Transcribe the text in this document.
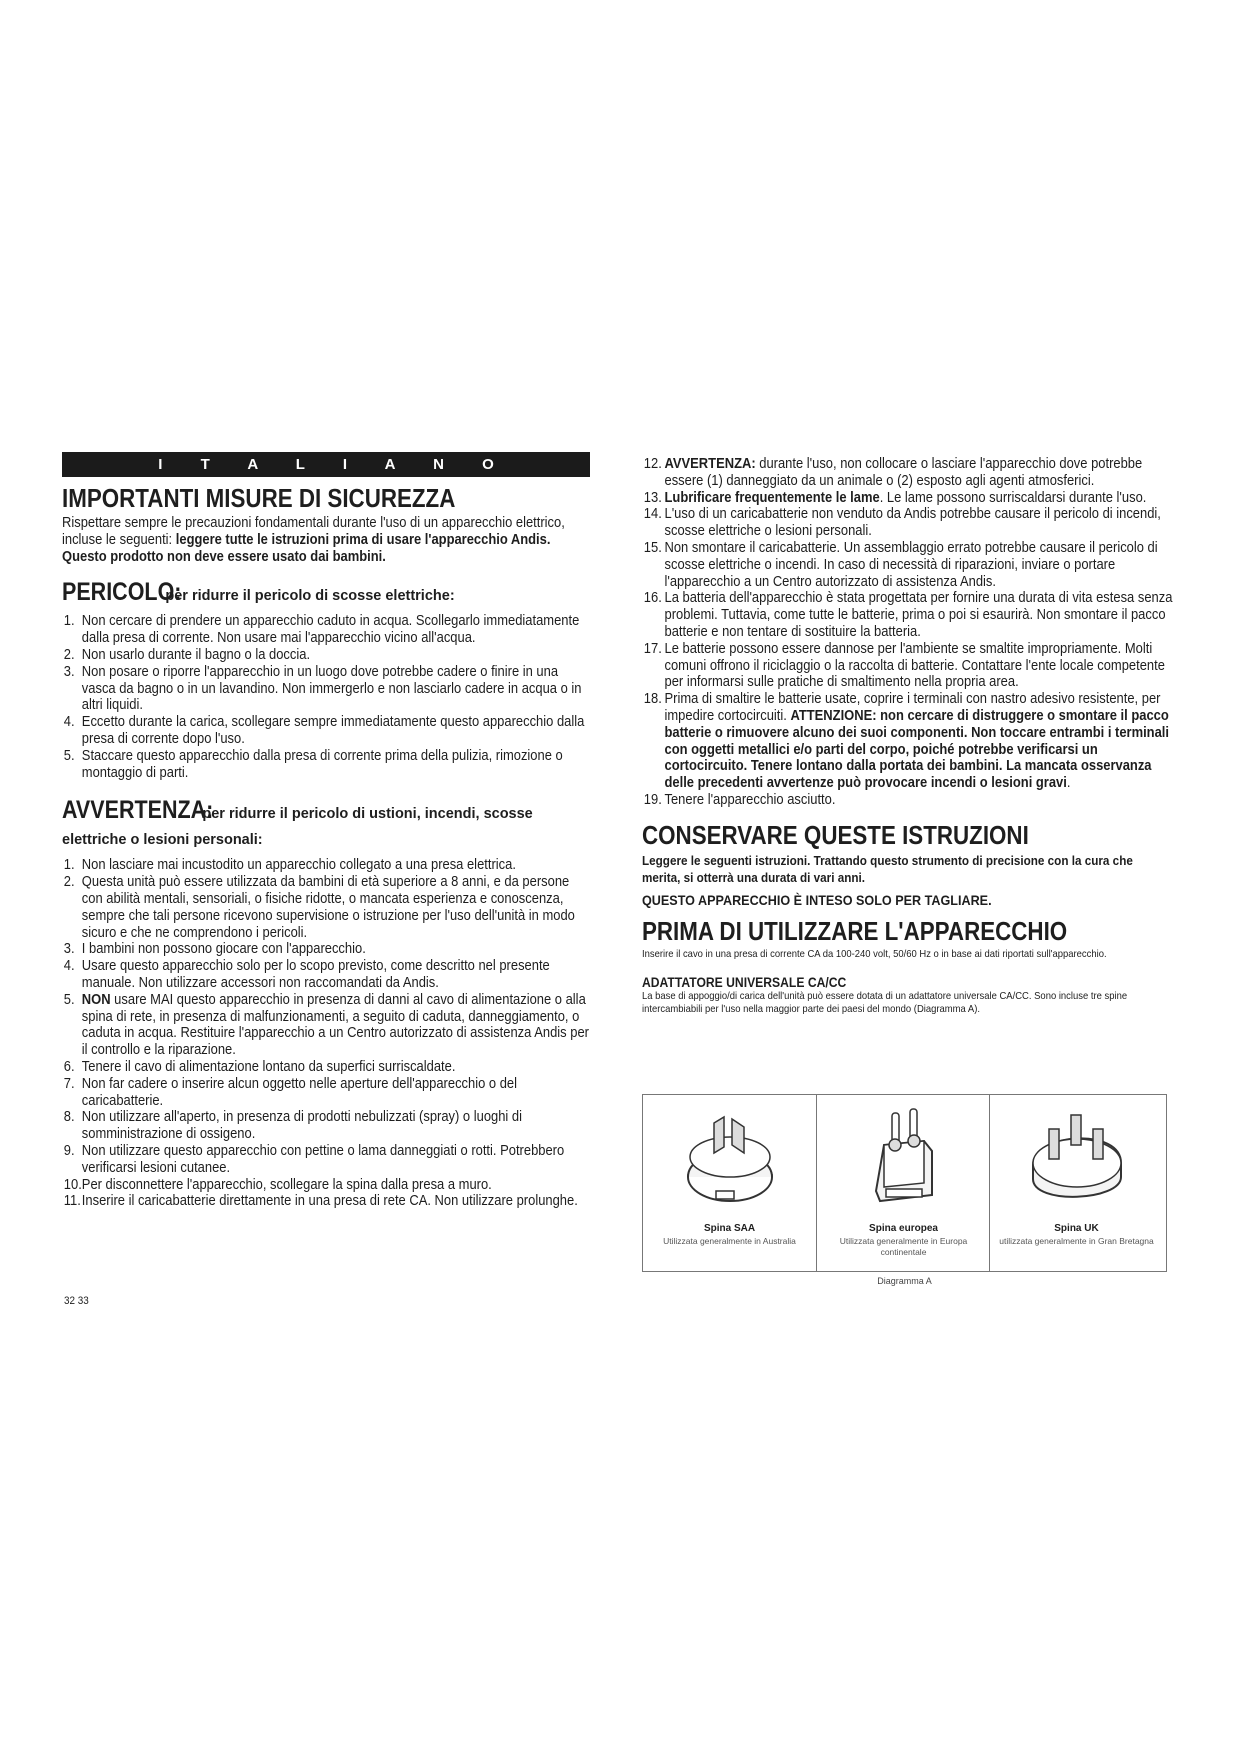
I T A L I A N O
IMPORTANTI MISURE DI SICUREZZA
Rispettare sempre le precauzioni fondamentali durante l'uso di un apparecchio elettrico, incluse le seguenti: leggere tutte le istruzioni prima di usare l'apparecchio Andis. Questo prodotto non deve essere usato dai bambini.
PERICOLO: per ridurre il pericolo di scosse elettriche:
1. Non cercare di prendere un apparecchio caduto in acqua. Scollegarlo immediatamente dalla presa di corrente. Non usare mai l'apparecchio vicino all'acqua.
2. Non usarlo durante il bagno o la doccia.
3. Non posare o riporre l'apparecchio in un luogo dove potrebbe cadere o finire in una vasca da bagno o in un lavandino. Non immergerlo e non lasciarlo cadere in acqua o in altri liquidi.
4. Eccetto durante la carica, scollegare sempre immediatamente questo apparecchio dalla presa di corrente dopo l'uso.
5. Staccare questo apparecchio dalla presa di corrente prima della pulizia, rimozione o montaggio di parti.
AVVERTENZA: per ridurre il pericolo di ustioni, incendi, scosse elettriche o lesioni personali:
1. Non lasciare mai incustodito un apparecchio collegato a una presa elettrica.
2. Questa unità può essere utilizzata da bambini di età superiore a 8 anni, e da persone con abilità mentali, sensoriali, o fisiche ridotte, o mancata esperienza e conoscenza, sempre che tali persone ricevono supervisione o istruzione per l'uso dell'unità in modo sicuro e che ne comprendono i pericoli.
3. I bambini non possono giocare con l'apparecchio.
4. Usare questo apparecchio solo per lo scopo previsto, come descritto nel presente manuale. Non utilizzare accessori non raccomandati da Andis.
5. NON usare MAI questo apparecchio in presenza di danni al cavo di alimentazione o alla spina di rete, in presenza di malfunzionamenti, a seguito di caduta, danneggiamento, o caduta in acqua. Restituire l'apparecchio a un Centro autorizzato di assistenza Andis per il controllo e la riparazione.
6. Tenere il cavo di alimentazione lontano da superfici surriscaldate.
7. Non far cadere o inserire alcun oggetto nelle aperture dell'apparecchio o del caricabatterie.
8. Non utilizzare all'aperto, in presenza di prodotti nebulizzati (spray) o luoghi di somministrazione di ossigeno.
9. Non utilizzare questo apparecchio con pettine o lama danneggiati o rotti. Potrebbero verificarsi lesioni cutanee.
10. Per disconnettere l'apparecchio, scollegare la spina dalla presa a muro.
11. Inserire il caricabatterie direttamente in una presa di rete CA. Non utilizzare prolunghe.
32 33
12. AVVERTENZA: durante l'uso, non collocare o lasciare l'apparecchio dove potrebbe essere (1) danneggiato da un animale o (2) esposto agli agenti atmosferici.
13. Lubrificare frequentemente le lame. Le lame possono surriscaldarsi durante l'uso.
14. L'uso di un caricabatterie non venduto da Andis potrebbe causare il pericolo di incendi, scosse elettriche o lesioni personali.
15. Non smontare il caricabatterie. Un assemblaggio errato potrebbe causare il pericolo di scosse elettriche o incendi. In caso di necessità di riparazioni, inviare o portare l'apparecchio a un Centro autorizzato di assistenza Andis.
16. La batteria dell'apparecchio è stata progettata per fornire una durata di vita estesa senza problemi. Tuttavia, come tutte le batterie, prima o poi si esaurirà. Non smontare il pacco batterie e non tentare di sostituire la batteria.
17. Le batterie possono essere dannose per l'ambiente se smaltite impropriamente. Molti comuni offrono il riciclaggio o la raccolta di batterie. Contattare l'ente locale competente per informarsi sulle pratiche di smaltimento nella propria area.
18. Prima di smaltire le batterie usate, coprire i terminali con nastro adesivo resistente, per impedire cortocircuiti. ATTENZIONE: non cercare di distruggere o smontare il pacco batterie o rimuovere alcuno dei suoi componenti. Non toccare entrambi i terminali con oggetti metallici e/o parti del corpo, poiché potrebbe verificarsi un cortocircuito. Tenere lontano dalla portata dei bambini. La mancata osservanza delle precedenti avvertenze può provocare incendi o lesioni gravi.
19. Tenere l'apparecchio asciutto.
CONSERVARE QUESTE ISTRUZIONI
Leggere le seguenti istruzioni. Trattando questo strumento di precisione con la cura che merita, si otterrà una durata di vari anni.
QUESTO APPARECCHIO È INTESO SOLO PER TAGLIARE.
PRIMA DI UTILIZZARE L'APPARECCHIO
Inserire il cavo in una presa di corrente CA da 100-240 volt, 50/60 Hz o in base ai dati riportati sull'apparecchio.
ADATTATORE UNIVERSALE CA/CC
La base di appoggio/di carica dell'unità può essere dotata di un adattatore universale CA/CC. Sono incluse tre spine intercambiabili per l'uso nella maggior parte dei paesi del mondo (Diagramma A).
Spina SAA
Utilizzata generalmente in Australia
Spina europea
Utilizzata generalmente in Europa continentale
Spina UK
utilizzata generalmente in Gran Bretagna
Diagramma A
